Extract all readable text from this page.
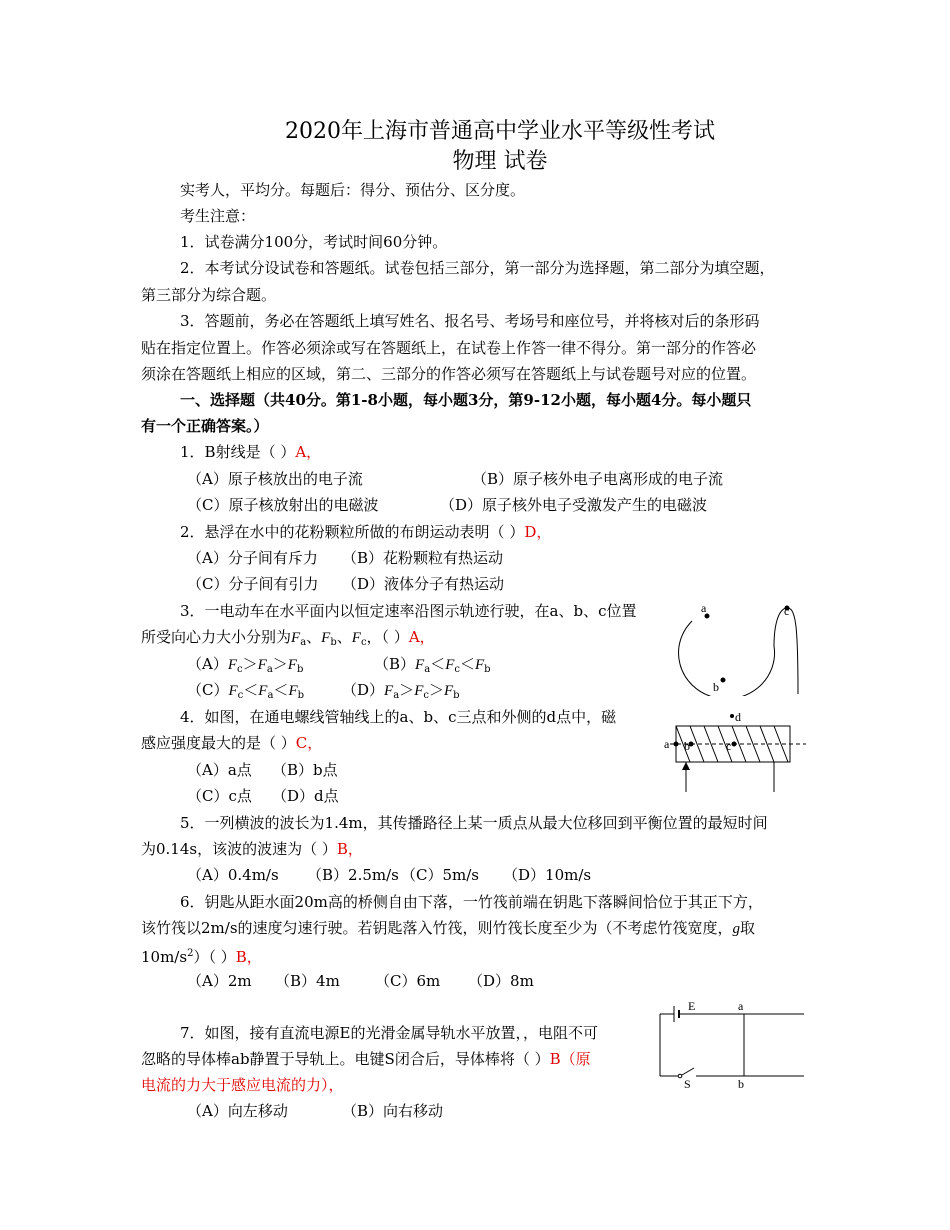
2020年上海市普通高中学业水平等级性考试
物理 试卷
实考人，平均分。每题后：得分、预估分、区分度。
考生注意：
1．试卷满分100分，考试时间60分钟。
2．本考试分设试卷和答题纸。试卷包括三部分，第一部分为选择题，第二部分为填空题，
第三部分为综合题。
3．答题前，务必在答题纸上填写姓名、报名号、考场号和座位号，并将核对后的条形码
贴在指定位置上。作答必须涂或写在答题纸上，在试卷上作答一律不得分。第一部分的作答必
须涂在答题纸上相应的区域，第二、三部分的作答必须写在答题纸上与试卷题号对应的位置。
一、选择题（共40分。第1-8小题，每小题3分，第9-12小题，每小题4分。每小题只
有一个正确答案。）
1．B射线是（ ）A，
（A）原子核放出的电子流	（B）原子核外电子电离形成的电子流
（C）原子核放射出的电磁波	（D）原子核外电子受激发产生的电磁波
2．悬浮在水中的花粉颗粒所做的布朗运动表明（ ）D，
（A）分子间有斥力 （B）花粉颗粒有热运动
（C）分子间有引力 （D）液体分子有热运动
3．一电动车在水平面内以恒定速率沿图示轨迹行驶，在a、b、c位置
所受向心力大小分别为$F_a$、$F_b$、$F_c$，（ ）A，
$(A)F_c>F_a>F_b$	$(B)F_a<F_c<F_b$
$(C)F_c<F_a<F_b$	$(D)F_a>F_c>F_b$
a
b
c
4．如图，在通电螺线管轴线上的a、b、c三点和外侧的d点中，磁
感应强度最大的是（ ）C，
（A）a点 （B）b点
（C）c点 （D）d点
a b	c
d
5．一列横波的波长为1.4m，其传播路径上某一质点从最大位移回到平衡位置的最短时间
为0.14s，该波的波速为（ ）B，
（A）0.4m/s （B）2.5m/s （C）5m/s （D）10m/s
6．钥匙从距水面20m高的桥侧自由下落，一竹筏前端在钥匙下落瞬间恰位于其正下方，
该竹筏以2m/s的速度匀速行驶。若钥匙落入竹筏，则竹筏长度至少为（不考虑竹筏宽度，g取
$10m/s^2$）（ ）B，
（A）2m （B）4m （C）6m （D）8m
7．如图，接有直流电源E的光滑金属导轨水平放置，，电阻不可
忽略的导体棒ab静置于导轨上。电键S闭合后，导体棒将（ ）B（原
电流的力大于感应电流的力），
（A）向左移动	（B）向右移动
E	a
b
S
